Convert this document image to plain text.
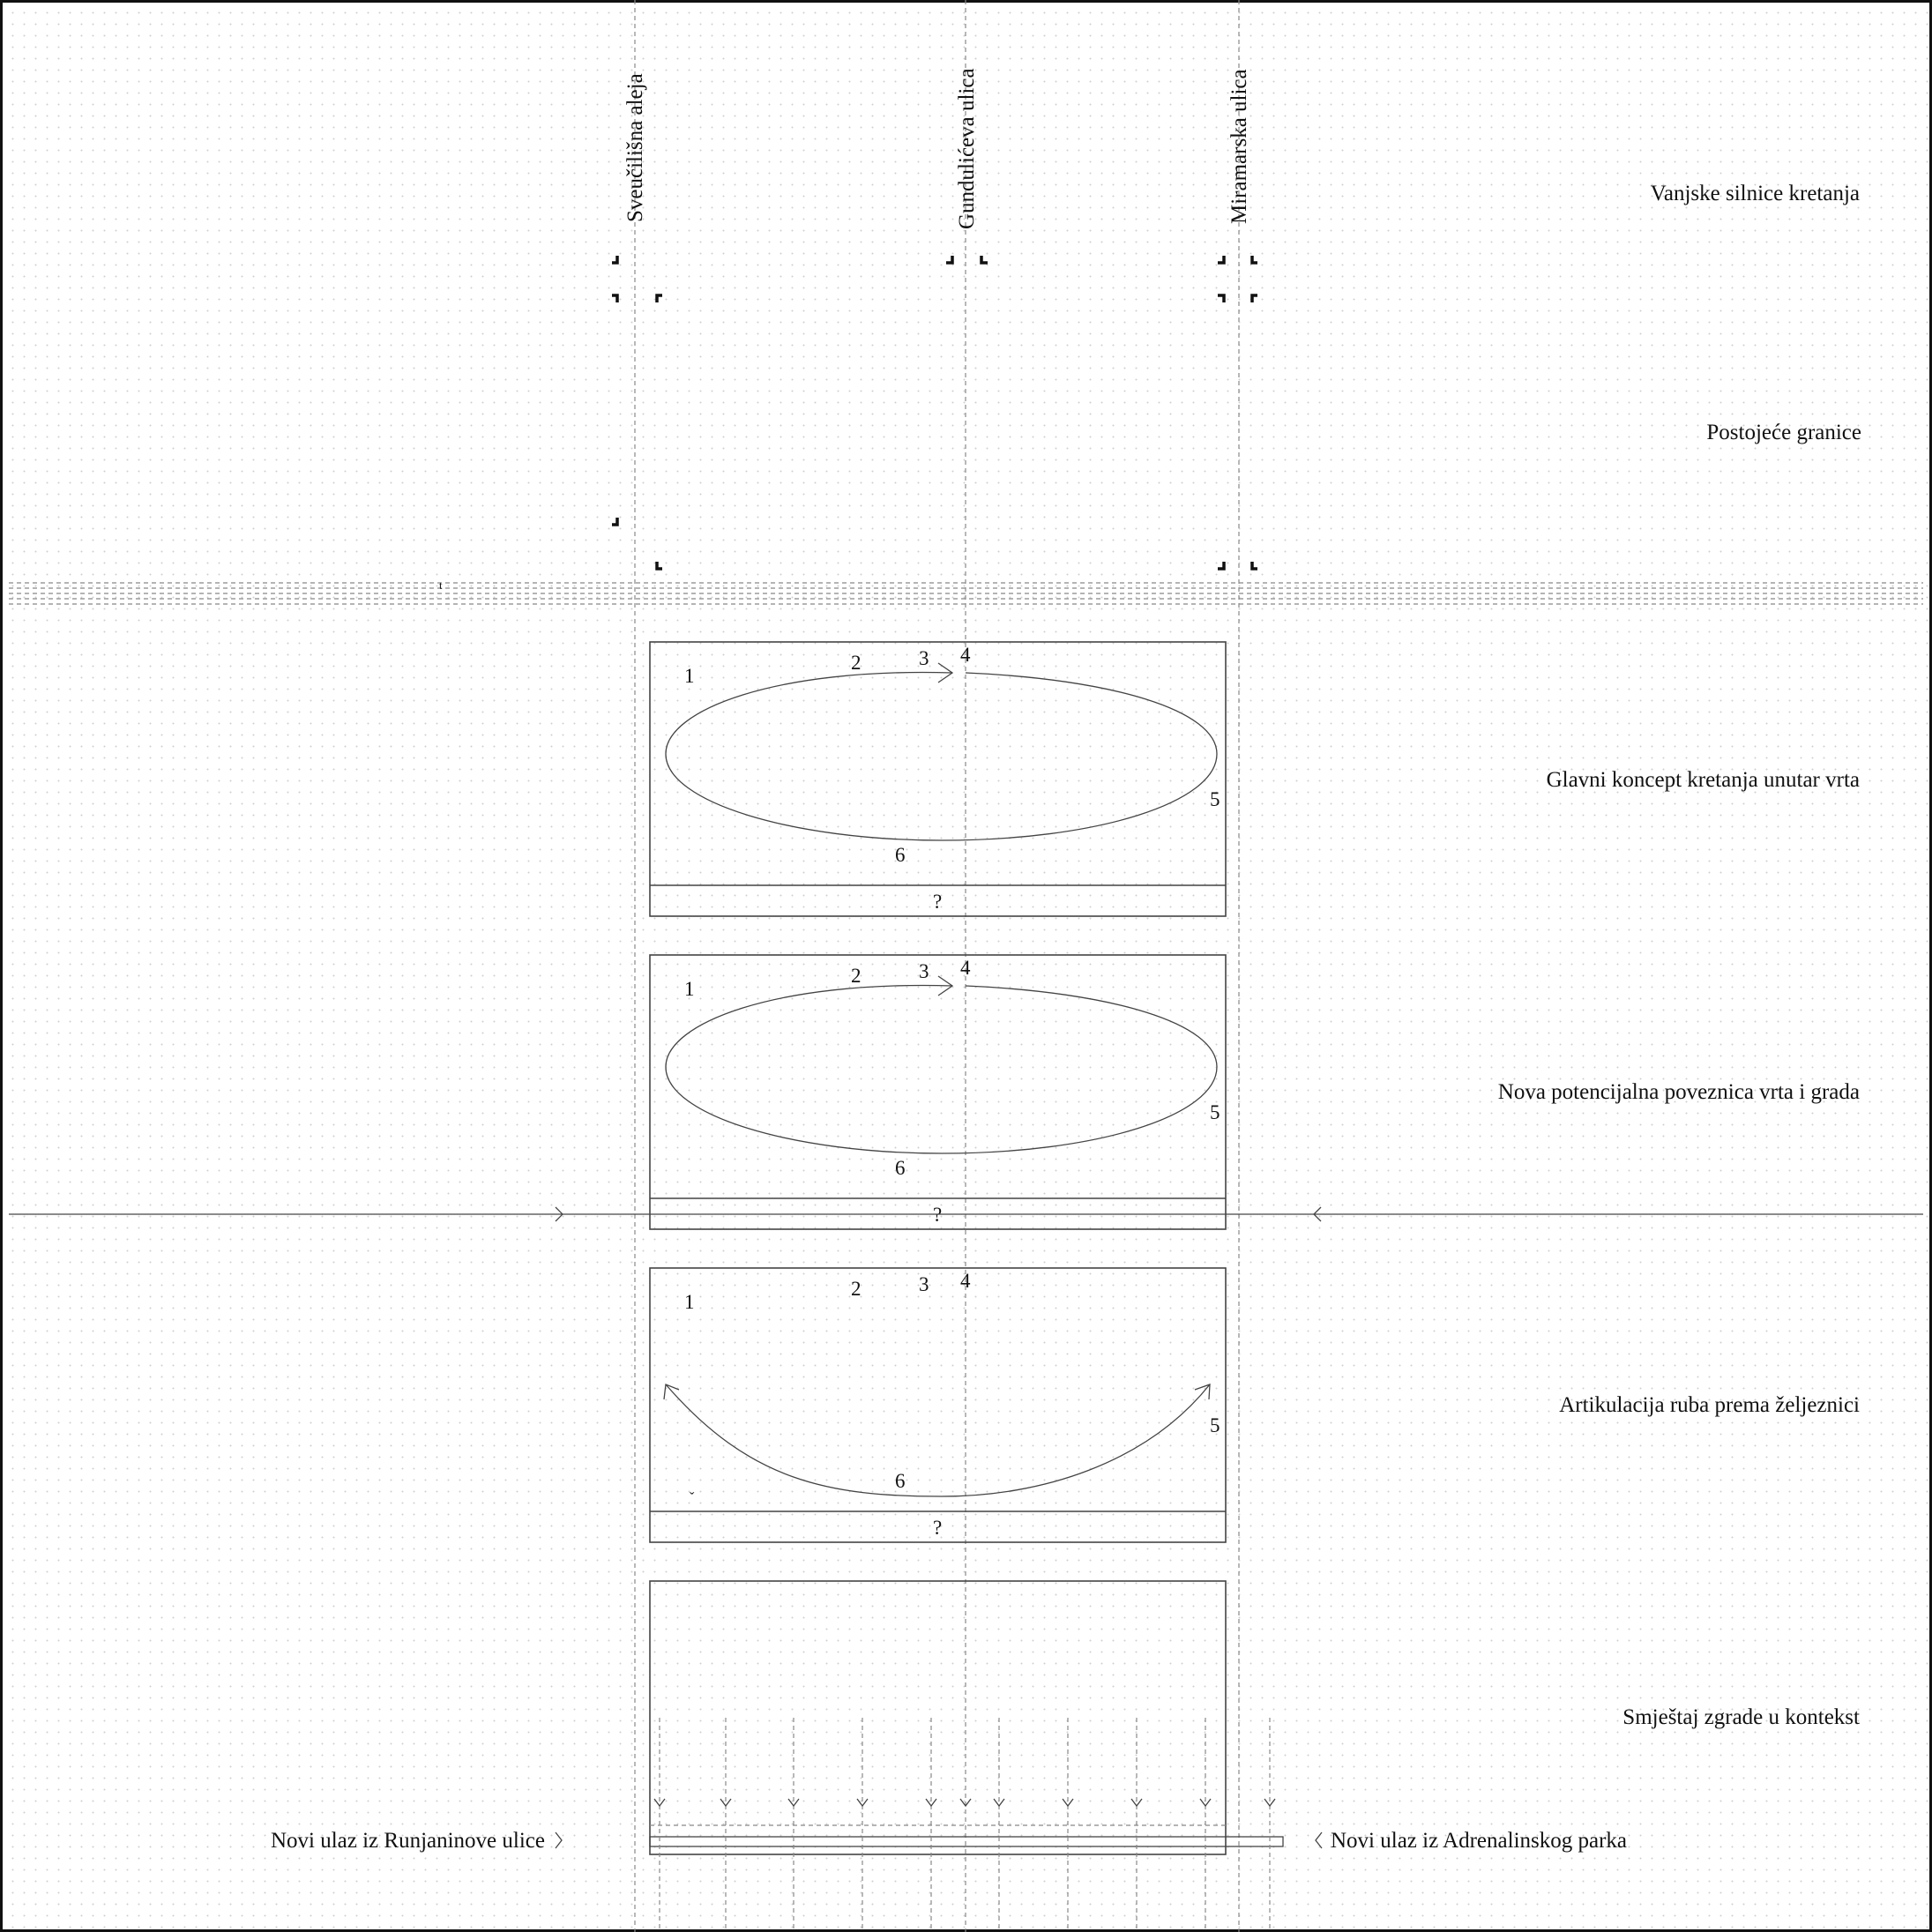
t
Sveučilišna aleja	Gundulićeva ulica	Miramarska ulica	Vanjske silnice kretanja
Postojeće granice
Glavni koncept kretanja unutar vrta
Nova potencijalna poveznica vrta i grada
Artikulacija ruba prema željeznici
Smještaj zgrade u kontekst
1
2	3 4
5
6
?
1
2	3 4
5
6
?
1
2	3 4
5
6
?
ˇ
Novi ulaz iz Runjaninove ulice	Novi ulaz iz Adrenalinskog parka
